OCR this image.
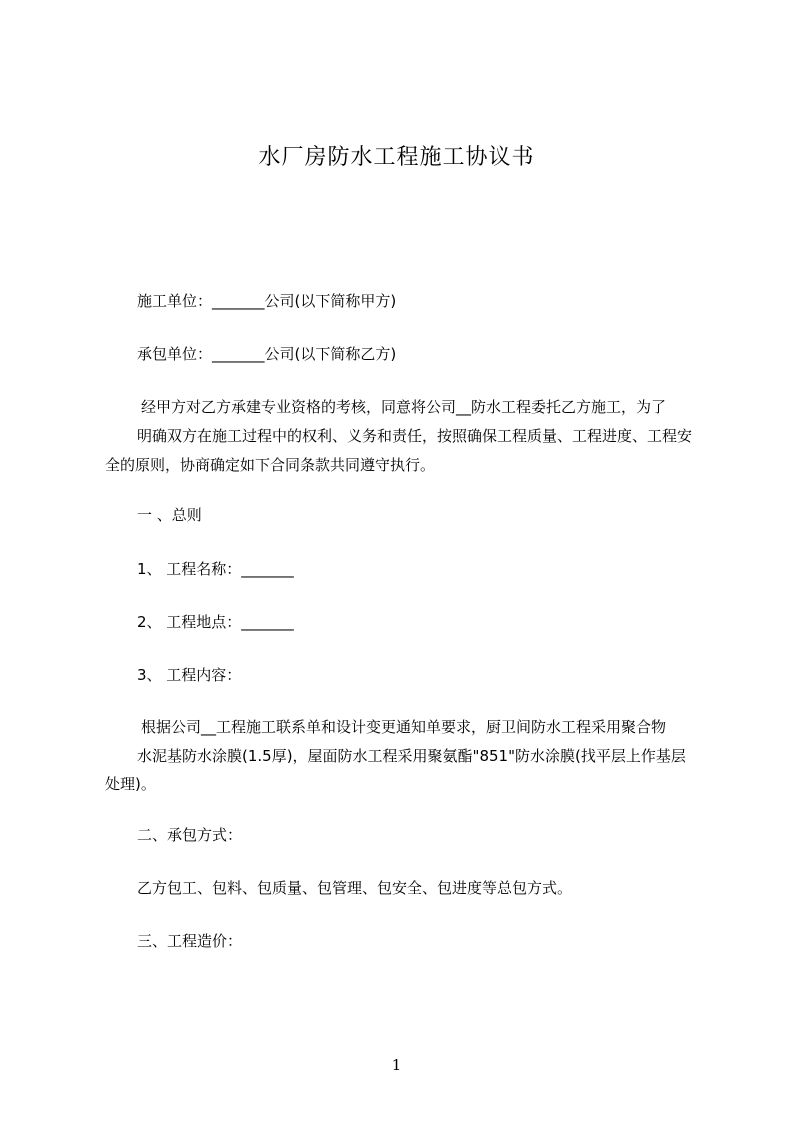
水厂房防水工程施工协议书
施工单位：_______公司(以下简称甲方)
承包单位：_______公司(以下简称乙方)
经甲方对乙方承建专业资格的考核，同意将公司__防水工程委托乙方施工，为了
明确双方在施工过程中的权利、义务和责任，按照确保工程质量、工程进度、工程安
全的原则，协商确定如下合同条款共同遵守执行。
一 、总则
1、 工程名称：_______
2、 工程地点：_______
3、 工程内容：
根据公司__工程施工联系单和设计变更通知单要求，厨卫间防水工程采用聚合物
水泥基防水涂膜(1.5厚)，屋面防水工程采用聚氨酯"851"防水涂膜(找平层上作基层
处理)。
二、承包方式：
乙方包工、包料、包质量、包管理、包安全、包进度等总包方式。
三、工程造价：
1
